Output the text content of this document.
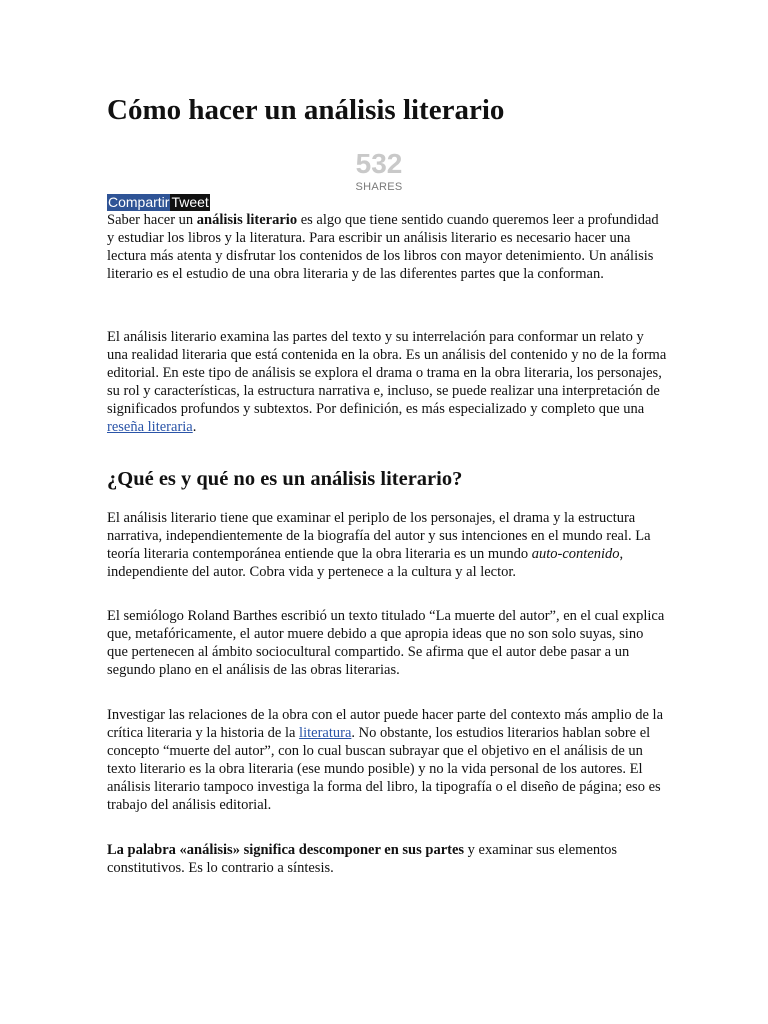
Cómo hacer un análisis literario
532
SHARES
Compartir Tweet

Saber hacer un análisis literario es algo que tiene sentido cuando queremos leer a profundidad y estudiar los libros y la literatura. Para escribir un análisis literario es necesario hacer una lectura más atenta y disfrutar los contenidos de los libros con mayor detenimiento. Un análisis literario es el estudio de una obra literaria y de las diferentes partes que la conforman.

El análisis literario examina las partes del texto y su interrelación para conformar un relato y una realidad literaria que está contenida en la obra. Es un análisis del contenido y no de la forma editorial. En este tipo de análisis se explora el drama o trama en la obra literaria, los personajes, su rol y características, la estructura narrativa e, incluso, se puede realizar una interpretación de significados profundos y subtextos. Por definición, es más especializado y completo que una reseña literaria.

¿Qué es y qué no es un análisis literario?

El análisis literario tiene que examinar el periplo de los personajes, el drama y la estructura narrativa, independientemente de la biografía del autor y sus intenciones en el mundo real. La teoría literaria contemporánea entiende que la obra literaria es un mundo auto-contenido, independiente del autor. Cobra vida y pertenece a la cultura y al lector.

El semiólogo Roland Barthes escribió un texto titulado “La muerte del autor”, en el cual explica que, metafóricamente, el autor muere debido a que apropia ideas que no son solo suyas, sino que pertenecen al ámbito sociocultural compartido. Se afirma que el autor debe pasar a un segundo plano en el análisis de las obras literarias.

Investigar las relaciones de la obra con el autor puede hacer parte del contexto más amplio de la crítica literaria y la historia de la literatura. No obstante, los estudios literarios hablan sobre el concepto “muerte del autor”, con lo cual buscan subrayar que el objetivo en el análisis de un texto literario es la obra literaria (ese mundo posible) y no la vida personal de los autores. El análisis literario tampoco investiga la forma del libro, la tipografía o el diseño de página; eso es trabajo del análisis editorial.

La palabra «análisis» significa descomponer en sus partes y examinar sus elementos constitutivos. Es lo contrario a síntesis.
